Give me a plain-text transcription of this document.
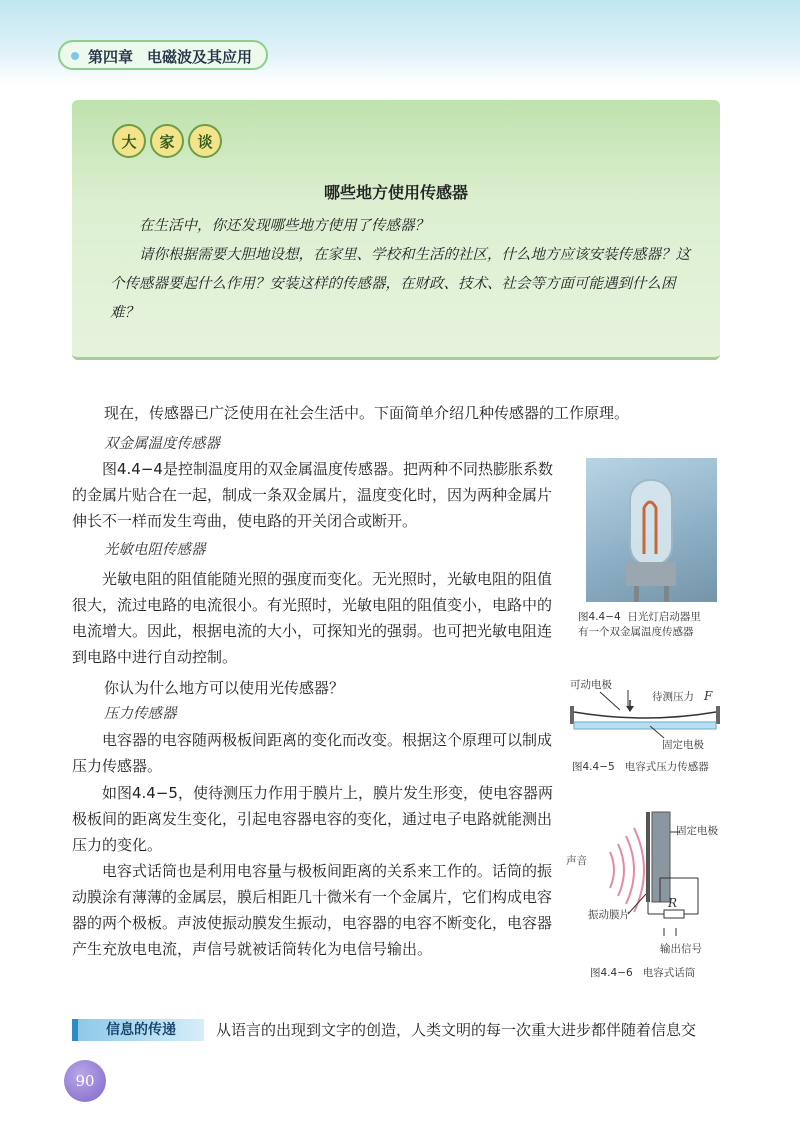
第四章 电磁波及其应用
大	家	谈
哪些地方使用传感器
在生活中，你还发现哪些地方使用了传感器？
请你根据需要大胆地设想，在家里、学校和生活的社区，什么地方应该安装传感器？这个传感器要起什么作用？安装这样的传感器，在财政、技术、社会等方面可能遇到什么困难？
现在，传感器已广泛使用在社会生活中。下面简单介绍几种传感器的工作原理。
双金属温度传感器
图4.4−4是控制温度用的双金属温度传感器。把两种不同热膨胀系数的金属片贴合在一起，制成一条双金属片，温度变化时，因为两种金属片伸长不一样而发生弯曲，使电路的开关闭合或断开。
光敏电阻传感器
光敏电阻的阻值能随光照的强度而变化。无光照时，光敏电阻的阻值很大，流过电路的电流很小。有光照时，光敏电阻的阻值变小，电路中的电流增大。因此，根据电流的大小，可探知光的强弱。也可把光敏电阻连到电路中进行自动控制。
你认为什么地方可以使用光传感器？
压力传感器
电容器的电容随两极板间距离的变化而改变。根据这个原理可以制成压力传感器。
如图4.4−5，使待测压力作用于膜片上，膜片发生形变，使电容器两极板间的距离发生变化，引起电容器电容的变化，通过电子电路就能测出压力的变化。
电容式话筒也是利用电容量与极板间距离的关系来工作的。话筒的振动膜涂有薄薄的金属层，膜后相距几十微米有一个金属片，它们构成电容器的两个极板。声波使振动膜发生振动，电容器的电容不断变化，电容器产生充放电电流，声信号就被话筒转化为电信号输出。
图4.4−4 日光灯启动器里
有一个双金属温度传感器
可动电极
待测压力 F
固定电极
图4.4−5 电容式压力传感器
固定电极
声音
振动膜片
R
输出信号
图4.4−6 电容式话筒
信息的传递	从语言的出现到文字的创造，人类文明的每一次重大进步都伴随着信息交
90
